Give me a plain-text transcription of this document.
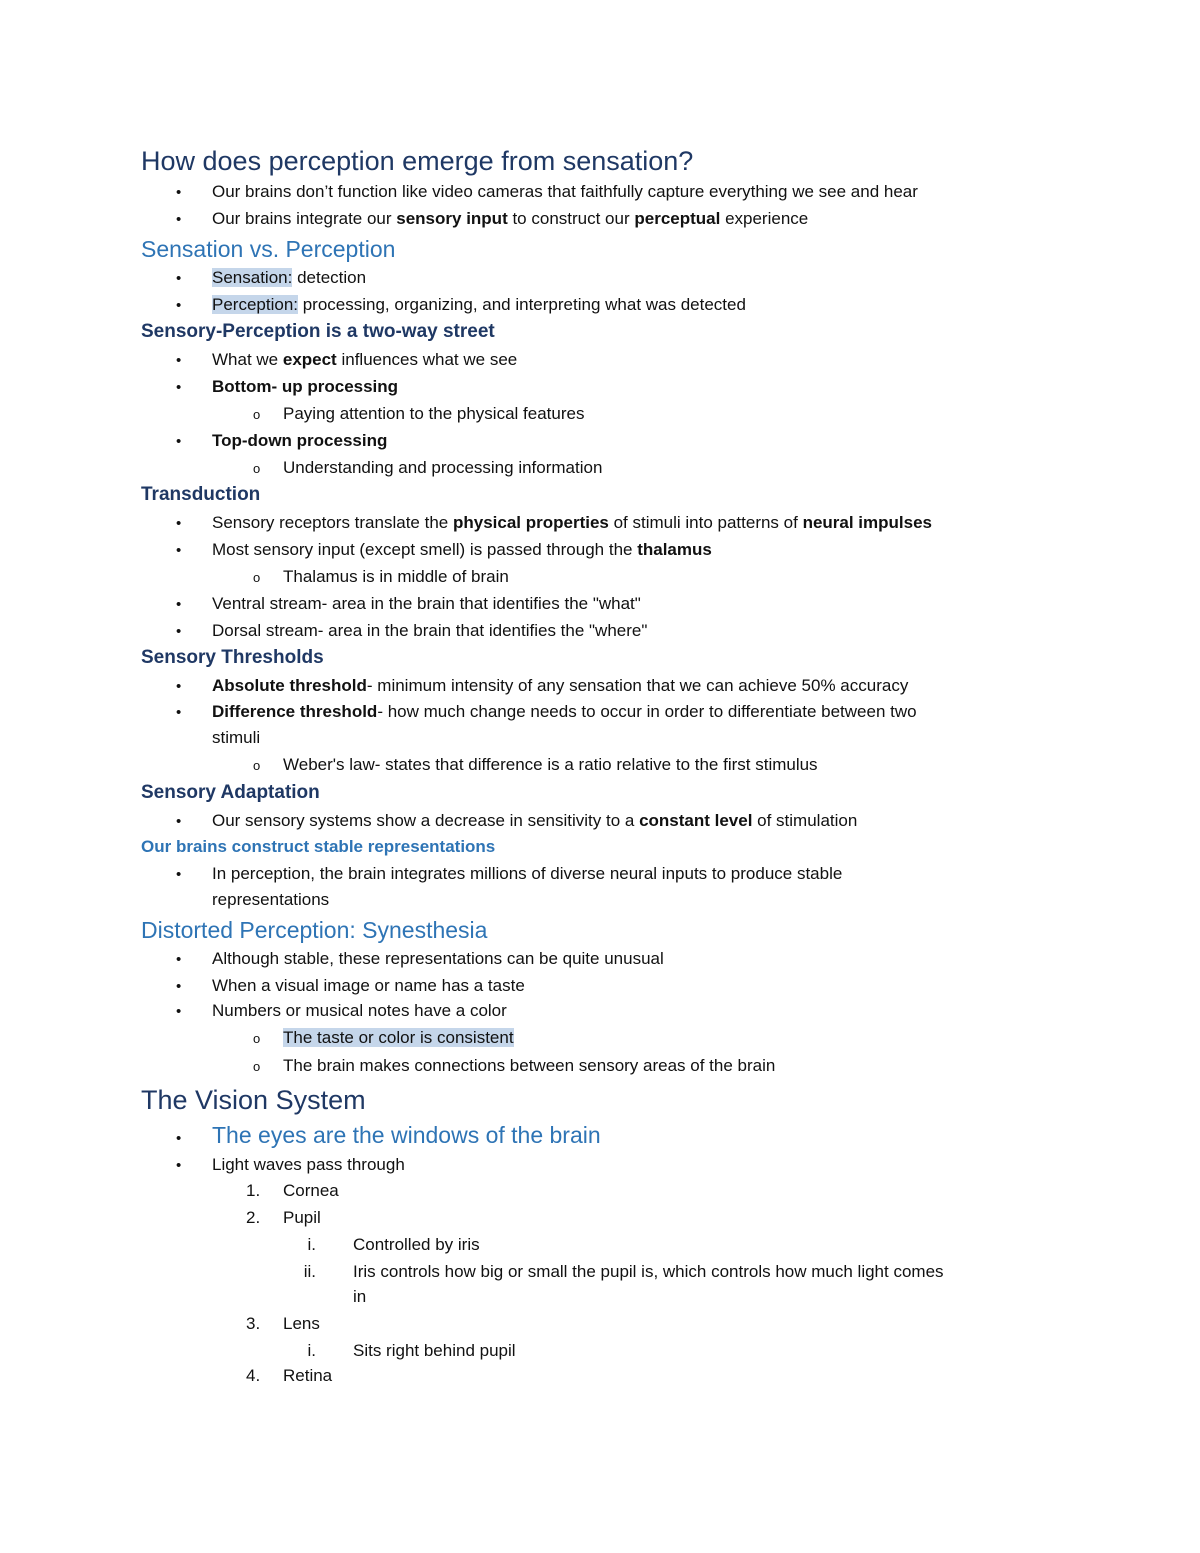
How does perception emerge from sensation?
• Our brains don’t function like video cameras that faithfully capture everything we see and hear
• Our brains integrate our sensory input to construct our perceptual experience
Sensation vs. Perception
• Sensation: detection
• Perception: processing, organizing, and interpreting what was detected
Sensory-Perception is a two-way street
• What we expect influences what we see
• Bottom- up processing
o Paying attention to the physical features
• Top-down processing
o Understanding and processing information
Transduction
• Sensory receptors translate the physical properties of stimuli into patterns of neural impulses
• Most sensory input (except smell) is passed through the thalamus
o Thalamus is in middle of brain
• Ventral stream- area in the brain that identifies the "what"
• Dorsal stream- area in the brain that identifies the "where"
Sensory Thresholds
• Absolute threshold- minimum intensity of any sensation that we can achieve 50% accuracy
• Difference threshold- how much change needs to occur in order to differentiate between two
stimuli
o Weber's law- states that difference is a ratio relative to the first stimulus
Sensory Adaptation
• Our sensory systems show a decrease in sensitivity to a constant level of stimulation
Our brains construct stable representations
• In perception, the brain integrates millions of diverse neural inputs to produce stable
representations
Distorted Perception: Synesthesia
• Although stable, these representations can be quite unusual
• When a visual image or name has a taste
• Numbers or musical notes have a color
o The taste or color is consistent
o The brain makes connections between sensory areas of the brain
The Vision System
• The eyes are the windows of the brain
• Light waves pass through
1. Cornea
2. Pupil
i. Controlled by iris
ii. Iris controls how big or small the pupil is, which controls how much light comes
in
3. Lens
i. Sits right behind pupil
4. Retina
